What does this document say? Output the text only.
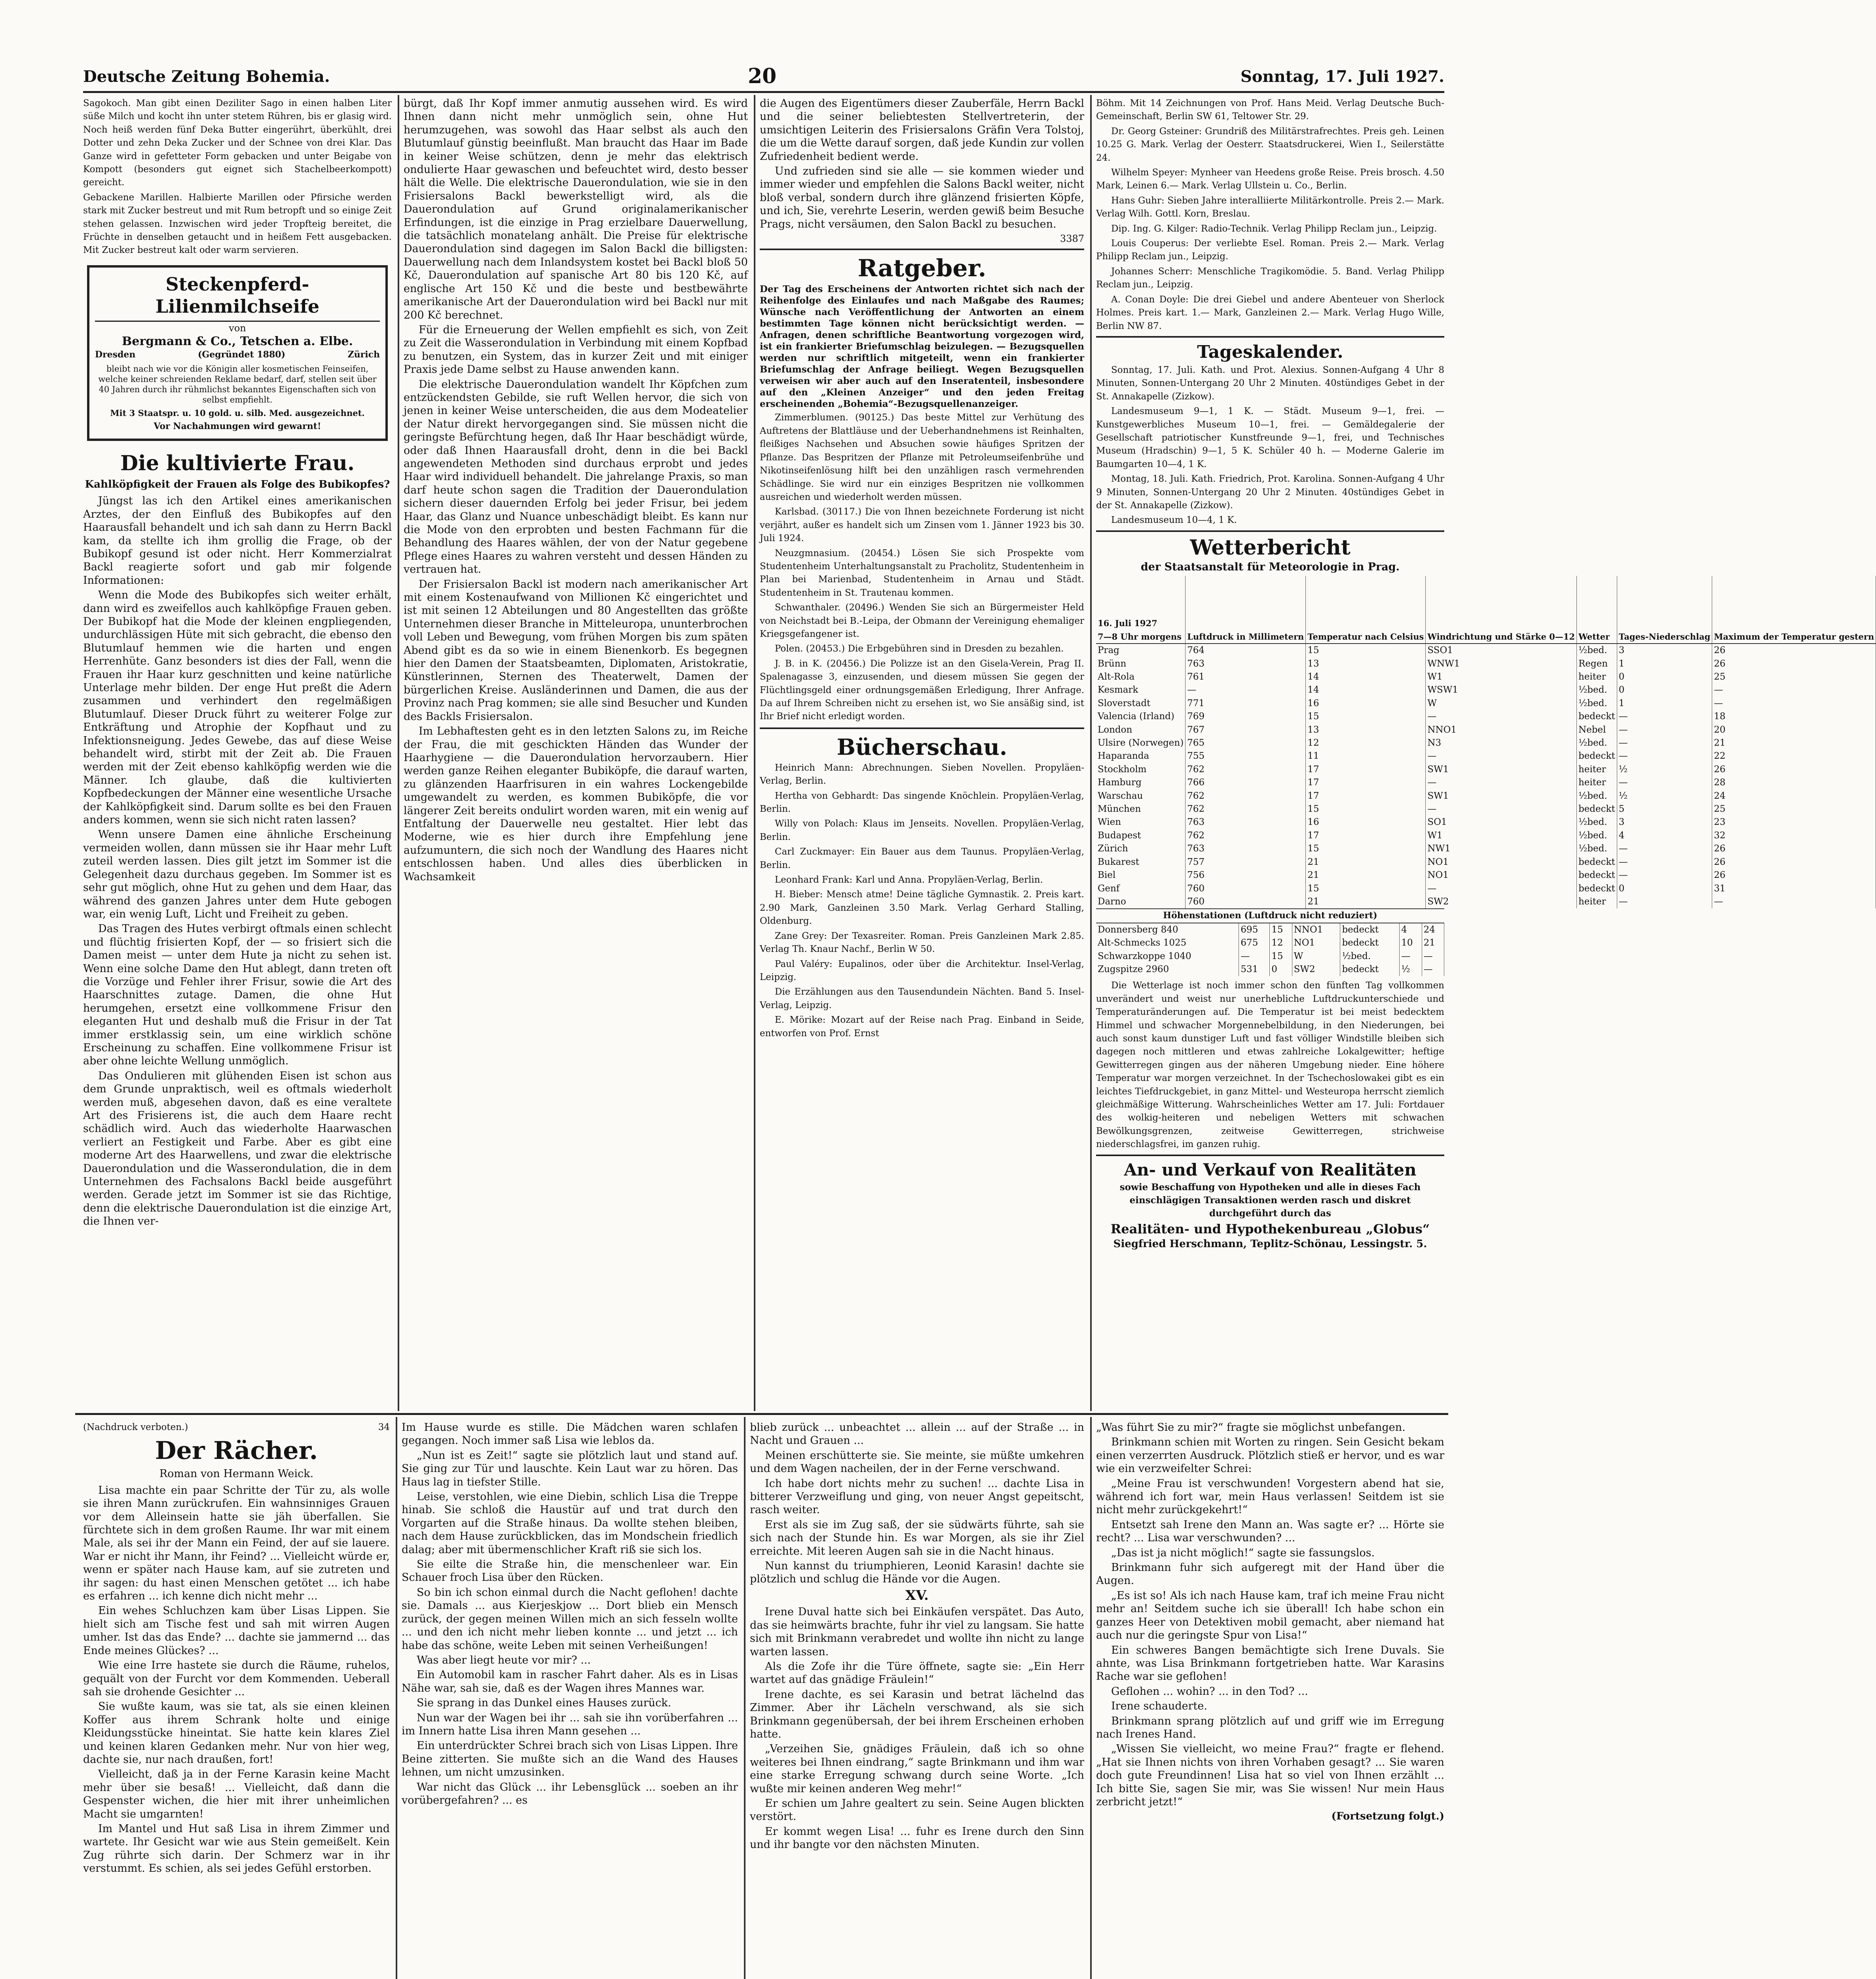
Deutsche Zeitung Bohemia.	20	Sonntag, 17. Juli 1927.

Sagokoch. Man gibt einen Deziliter Sago in einen halben Liter süße Milch und kocht ihn unter stetem Rühren, bis er glasig wird. Noch heiß werden fünf Deka Butter eingerührt, überkühlt, drei Dotter und zehn Deka Zucker und der Schnee von drei Klar. Das Ganze wird in gefetteter Form gebacken und unter Beigabe von Kompott (besonders gut eignet sich Stachelbeerkompott) gereicht.

Gebackene Marillen. Halbierte Marillen oder Pfirsiche werden stark mit Zucker bestreut und mit Rum betropft und so einige Zeit stehen gelassen. Inzwischen wird jeder Tropfteig bereitet, die Früchte in denselben getaucht und in heißem Fett ausgebacken. Mit Zucker bestreut kalt oder warm servieren.

Steckenpferd-Lilienmilchseife
von
Bergmann & Co., Tetschen a. Elbe.
Dresden	(Gegründet 1880)	Zürich
bleibt nach wie vor die Königin aller kosmetischen Feinseifen, welche keiner schreienden Reklame bedarf, darf, stellen seit über 40 Jahren durch ihr rühmlichst bekanntes Eigenschaften sich von selbst empfiehlt.
Mit 3 Staatspr. u. 10 gold. u. silb. Med. ausgezeichnet.
Vor Nachahmungen wird gewarnt!
Die kultivierte Frau.
Kahlköpfigkeit der Frauen als Folge des Bubikopfes?

Jüngst las ich den Artikel eines amerikanischen Arztes, der den Einfluß des Bubikopfes auf den Haarausfall behandelt und ich sah dann zu Herrn Backl kam, da stellte ich ihm grollig die Frage, ob der Bubikopf gesund ist oder nicht. Herr Kommerzialrat Backl reagierte sofort und gab mir folgende Informationen:

Wenn die Mode des Bubikopfes sich weiter erhält, dann wird es zweifellos auch kahlköpfige Frauen geben. Der Bubikopf hat die Mode der kleinen engpliegenden, undurchlässigen Hüte mit sich gebracht, die ebenso den Blutumlauf hemmen wie die harten und engen Herrenhüte. Ganz besonders ist dies der Fall, wenn die Frauen ihr Haar kurz geschnitten und keine natürliche Unterlage mehr bilden. Der enge Hut preßt die Adern zusammen und verhindert den regelmäßigen Blutumlauf. Dieser Druck führt zu weiterer Folge zur Entkräftung und Atrophie der Kopfhaut und zu Infektionsneigung. Jedes Gewebe, das auf diese Weise behandelt wird, stirbt mit der Zeit ab. Die Frauen werden mit der Zeit ebenso kahlköpfig werden wie die Männer. Ich glaube, daß die kultivierten Kopfbedeckungen der Männer eine wesentliche Ursache der Kahlköpfigkeit sind. Darum sollte es bei den Frauen anders kommen, wenn sie sich nicht raten lassen?

Wenn unsere Damen eine ähnliche Erscheinung vermeiden wollen, dann müssen sie ihr Haar mehr Luft zuteil werden lassen. Dies gilt jetzt im Sommer ist die Gelegenheit dazu durchaus gegeben. Im Sommer ist es sehr gut möglich, ohne Hut zu gehen und dem Haar, das während des ganzen Jahres unter dem Hute gebogen war, ein wenig Luft, Licht und Freiheit zu geben.

Das Tragen des Hutes verbirgt oftmals einen schlecht und flüchtig frisierten Kopf, der — so frisiert sich die Damen meist — unter dem Hute ja nicht zu sehen ist. Wenn eine solche Dame den Hut ablegt, dann treten oft die Vorzüge und Fehler ihrer Frisur, sowie die Art des Haarschnittes zutage. Damen, die ohne Hut herumgehen, ersetzt eine vollkommene Frisur den eleganten Hut und deshalb muß die Frisur in der Tat immer erstklassig sein, um eine wirklich schöne Erscheinung zu schaffen. Eine vollkommene Frisur ist aber ohne leichte Wellung unmöglich.

Das Ondulieren mit glühenden Eisen ist schon aus dem Grunde unpraktisch, weil es oftmals wiederholt werden muß, abgesehen davon, daß es eine veraltete Art des Frisierens ist, die auch dem Haare recht schädlich wird. Auch das wiederholte Haarwaschen verliert an Festigkeit und Farbe. Aber es gibt eine moderne Art des Haarwellens, und zwar die elektrische Dauerondulation und die Wasserondulation, die in dem Unternehmen des Fachsalons Backl beide ausgeführt werden. Gerade jetzt im Sommer ist sie das Richtige, denn die elektrische Dauerondulation ist die einzige Art, die Ihnen ver-

bürgt, daß Ihr Kopf immer anmutig aussehen wird. Es wird Ihnen dann nicht mehr unmöglich sein, ohne Hut herumzugehen, was sowohl das Haar selbst als auch den Blutumlauf günstig beeinflußt. Man braucht das Haar im Bade in keiner Weise schützen, denn je mehr das elektrisch ondulierte Haar gewaschen und befeuchtet wird, desto besser hält die Welle. Die elektrische Dauerondulation, wie sie in den Frisiersalons Backl bewerkstelligt wird, als die Dauerondulation auf Grund originalamerikanischer Erfindungen, ist die einzige in Prag erzielbare Dauerwellung, die tatsächlich monatelang anhält. Die Preise für elektrische Dauerondulation sind dagegen im Salon Backl die billigsten: Dauerwellung nach dem Inlandsystem kostet bei Backl bloß 50 Kč, Dauerondulation auf spanische Art 80 bis 120 Kč, auf englische Art 150 Kč und die beste und bestbewährte amerikanische Art der Dauerondulation wird bei Backl nur mit 200 Kč berechnet.

Für die Erneuerung der Wellen empfiehlt es sich, von Zeit zu Zeit die Wasserondulation in Verbindung mit einem Kopfbad zu benutzen, ein System, das in kurzer Zeit und mit einiger Praxis jede Dame selbst zu Hause anwenden kann.

Die elektrische Dauerondulation wandelt Ihr Köpfchen zum entzückendsten Gebilde, sie ruft Wellen hervor, die sich von jenen in keiner Weise unterscheiden, die aus dem Modeatelier der Natur direkt hervorgegangen sind. Sie müssen nicht die geringste Befürchtung hegen, daß Ihr Haar beschädigt würde, oder daß Ihnen Haarausfall droht, denn in die bei Backl angewendeten Methoden sind durchaus erprobt und jedes Haar wird individuell behandelt. Die jahrelange Praxis, so man darf heute schon sagen die Tradition der Dauerondulation sichern dieser dauernden Erfolg bei jeder Frisur, bei jedem Haar, das Glanz und Nuance unbeschädigt bleibt. Es kann nur die Mode von den erprobten und besten Fachmann für die Behandlung des Haares wählen, der von der Natur gegebene Pflege eines Haares zu wahren versteht und dessen Händen zu vertrauen hat.

Der Frisiersalon Backl ist modern nach amerikanischer Art mit einem Kostenaufwand von Millionen Kč eingerichtet und ist mit seinen 12 Abteilungen und 80 Angestellten das größte Unternehmen dieser Branche in Mitteleuropa, ununterbrochen voll Leben und Bewegung, vom frühen Morgen bis zum späten Abend gibt es da so wie in einem Bienenkorb. Es begegnen hier den Damen der Staatsbeamten, Diplomaten, Aristokratie, Künstlerinnen, Sternen des Theaterwelt, Damen der bürgerlichen Kreise. Ausländerinnen und Damen, die aus der Provinz nach Prag kommen; sie alle sind Besucher und Kunden des Backls Frisiersalon.

Im Lebhaftesten geht es in den letzten Salons zu, im Reiche der Frau, die mit geschickten Händen das Wunder der Haarhygiene — die Dauerondulation hervorzaubern. Hier werden ganze Reihen eleganter Bubiköpfe, die darauf warten, zu glänzenden Haarfrisuren in ein wahres Lockengebilde umgewandelt zu werden, es kommen Bubiköpfe, die vor längerer Zeit bereits ondulirt worden waren, mit ein wenig auf Entfaltung der Dauerwelle neu gestaltet. Hier lebt das Moderne, wie es hier durch ihre Empfehlung jene aufzumuntern, die sich noch der Wandlung des Haares nicht entschlossen haben. Und alles dies überblicken in Wachsamkeit

die Augen des Eigentümers dieser Zauberfäle, Herrn Backl und die seiner beliebtesten Stellvertreterin, der umsichtigen Leiterin des Frisiersalons Gräfin Vera Tolstoj, die um die Wette darauf sorgen, daß jede Kundin zur vollen Zufriedenheit bedient werde.

Und zufrieden sind sie alle — sie kommen wieder und immer wieder und empfehlen die Salons Backl weiter, nicht bloß verbal, sondern durch ihre glänzend frisierten Köpfe, und ich, Sie, verehrte Leserin, werden gewiß beim Besuche Prags, nicht versäumen, den Salon Backl zu besuchen.

3387
Ratgeber.

Der Tag des Erscheinens der Antworten richtet sich nach der Reihenfolge des Einlaufes und nach Maßgabe des Raumes; Wünsche nach Veröffentlichung der Antworten an einem bestimmten Tage können nicht berücksichtigt werden. — Anfragen, denen schriftliche Beantwortung vorgezogen wird, ist ein frankierter Briefumschlag beizulegen. — Bezugsquellen werden nur schriftlich mitgeteilt, wenn ein frankierter Briefumschlag der Anfrage beiliegt. Wegen Bezugsquellen verweisen wir aber auch auf den Inseratenteil, insbesondere auf den „Kleinen Anzeiger“ und den jeden Freitag erscheinenden „Bohemia“-Bezugsquellenanzeiger.

Zimmerblumen. (90125.) Das beste Mittel zur Verhütung des Auftretens der Blattläuse und der Ueberhandnehmens ist Reinhalten, fleißiges Nachsehen und Absuchen sowie häufiges Spritzen der Pflanze. Das Bespritzen der Pflanze mit Petroleumseifenbrühe und Nikotinseifenlösung hilft bei den unzähligen rasch vermehrenden Schädlinge. Sie wird nur ein einziges Bespritzen nie vollkommen ausreichen und wiederholt werden müssen.

Karlsbad. (30117.) Die von Ihnen bezeichnete Forderung ist nicht verjährt, außer es handelt sich um Zinsen vom 1. Jänner 1923 bis 30. Juli 1924.

Neuzgmnasium. (20454.) Lösen Sie sich Prospekte vom Studentenheim Unterhaltungsanstalt zu Pracholitz, Studentenheim in Plan bei Marienbad, Studentenheim in Arnau und Städt. Studentenheim in St. Trautenau kommen.

Schwanthaler. (20496.) Wenden Sie sich an Bürgermeister Held von Neichstadt bei B.-Leipa, der Obmann der Vereinigung ehemaliger Kriegsgefangener ist.

Polen. (20453.) Die Erbgebühren sind in Dresden zu bezahlen.

J. B. in K. (20456.) Die Polizze ist an den Gisela-Verein, Prag II. Spalenagasse 3, einzusenden, und diesem müssen Sie gegen der Flüchtlingsgeld einer ordnungsgemäßen Erledigung, Ihrer Anfrage. Da auf Ihrem Schreiben nicht zu ersehen ist, wo Sie ansäßig sind, ist Ihr Brief nicht erledigt worden.

Bücherschau.

Heinrich Mann: Abrechnungen. Sieben Novellen. Propyläen-Verlag, Berlin.

Hertha von Gebhardt: Das singende Knöchlein. Propyläen-Verlag, Berlin.

Willy von Polach: Klaus im Jenseits. Novellen. Propyläen-Verlag, Berlin.

Carl Zuckmayer: Ein Bauer aus dem Taunus. Propyläen-Verlag, Berlin.

Leonhard Frank: Karl und Anna. Propyläen-Verlag, Berlin.

H. Bieber: Mensch atme! Deine tägliche Gymnastik. 2. Preis kart. 2.90 Mark, Ganzleinen 3.50 Mark. Verlag Gerhard Stalling, Oldenburg.

Zane Grey: Der Texasreiter. Roman. Preis Ganzleinen Mark 2.85. Verlag Th. Knaur Nachf., Berlin W 50.

Paul Valéry: Eupalinos, oder über die Architektur. Insel-Verlag, Leipzig.

Die Erzählungen aus den Tausendundein Nächten. Band 5. Insel-Verlag, Leipzig.

E. Mörike: Mozart auf der Reise nach Prag. Einband in Seide, entworfen von Prof. Ernst

Böhm. Mit 14 Zeichnungen von Prof. Hans Meid. Verlag Deutsche Buch-Gemeinschaft, Berlin SW 61, Teltower Str. 29.

Dr. Georg Gsteiner: Grundriß des Militärstrafrechtes. Preis geh. Leinen 10.25 G. Mark. Verlag der Oesterr. Staatsdruckerei, Wien I., Seilerstätte 24.

Wilhelm Speyer: Mynheer van Heedens große Reise. Preis brosch. 4.50 Mark, Leinen 6.— Mark. Verlag Ullstein u. Co., Berlin.

Hans Guhr: Sieben Jahre interalliierte Militärkontrolle. Preis 2.— Mark. Verlag Wilh. Gottl. Korn, Breslau.

Dip. Ing. G. Kilger: Radio-Technik. Verlag Philipp Reclam jun., Leipzig.

Louis Couperus: Der verliebte Esel. Roman. Preis 2.— Mark. Verlag Philipp Reclam jun., Leipzig.

Johannes Scherr: Menschliche Tragikomödie. 5. Band. Verlag Philipp Reclam jun., Leipzig.

A. Conan Doyle: Die drei Giebel und andere Abenteuer von Sherlock Holmes. Preis kart. 1.— Mark, Ganzleinen 2.— Mark. Verlag Hugo Wille, Berlin NW 87.

Tageskalender.

Sonntag, 17. Juli. Kath. und Prot. Alexius. Sonnen-Aufgang 4 Uhr 8 Minuten, Sonnen-Untergang 20 Uhr 2 Minuten. 40stündiges Gebet in der St. Annakapelle (Zizkow).

Landesmuseum 9—1, 1 K. — Städt. Museum 9—1, frei. — Kunstgewerbliches Museum 10—1, frei. — Gemäldegalerie der Gesellschaft patriotischer Kunstfreunde 9—1, frei, und Technisches Museum (Hradschin) 9—1, 5 K. Schüler 40 h. — Moderne Galerie im Baumgarten 10—4, 1 K.

Montag, 18. Juli. Kath. Friedrich, Prot. Karolina. Sonnen-Aufgang 4 Uhr 9 Minuten, Sonnen-Untergang 20 Uhr 2 Minuten. 40stündiges Gebet in der St. Annakapelle (Zizkow).

Landesmuseum 10—4, 1 K.

Wetterbericht
der Staatsanstalt für Meteorologie in Prag.
16. Juli 1927
7—8 Uhr morgens	Luftdruck in Millimetern	Temperatur nach Celsius	Windrichtung und Stärke 0—12	Wetter	Tages-Niederschlag	Maximum der Temperatur gestern
Prag	764	15	SSO1	½bed.	3	26
Brünn	763	13	WNW1	Regen	1	26
Alt-Rola	761	14	W1	heiter	0	25
Kesmark	—	14	WSW1	½bed.	0	—
Sloverstadt	771	16	W	½bed.	1	—
Valencia (Irland)	769	15	—	bedeckt	—	18
London	767	13	NNO1	Nebel	—	20
Ulsire (Norwegen)	765	12	N3	½bed.	—	21
Haparanda	755	11	—	bedeckt	—	22
Stockholm	762	17	SW1	heiter	½	26
Hamburg	766	17	—	heiter	—	28
Warschau	762	17	SW1	½bed.	½	24
München	762	15	—	bedeckt	5	25
Wien	763	16	SO1	½bed.	3	23
Budapest	762	17	W1	½bed.	4	32
Zürich	763	15	NW1	½bed.	—	26
Bukarest	757	21	NO1	bedeckt	—	26
Biel	756	21	NO1	bedeckt	—	26
Genf	760	15	—	bedeckt	0	31
Darno	760	21	SW2	heiter	—	—
Höhenstationen (Luftdruck nicht reduziert)
Donnersberg 840	695	15	NNO1	bedeckt	4	24
Alt-Schmecks 1025	675	12	NO1	bedeckt	10	21
Schwarzkoppe 1040	—	15	W	½bed.	—	—
Zugspitze 2960	531	0	SW2	bedeckt	½	—

Die Wetterlage ist noch immer schon den fünften Tag vollkommen unverändert und weist nur unerhebliche Luftdruckunterschiede und Temperaturänderungen auf. Die Temperatur ist bei meist bedecktem Himmel und schwacher Morgennebelbildung, in den Niederungen, bei auch sonst kaum dunstiger Luft und fast völliger Windstille bleiben sich dagegen noch mittleren und etwas zahlreiche Lokalgewitter; heftige Gewitterregen gingen aus der näheren Umgebung nieder. Eine höhere Temperatur war morgen verzeichnet. In der Tschechoslowakei gibt es ein leichtes Tiefdruckgebiet, in ganz Mittel- und Westeuropa herrscht ziemlich gleichmäßige Witterung. Wahrscheinliches Wetter am 17. Juli: Fortdauer des wolkig-heiteren und nebeligen Wetters mit schwachen Bewölkungsgrenzen, zeitweise Gewitterregen, strichweise niederschlagsfrei, im ganzen ruhig.

An- und Verkauf von Realitäten
sowie Beschaffung von Hypotheken und alle in dieses Fach einschlägigen Transaktionen werden rasch und diskret durchgeführt durch das
Realitäten- und Hypothekenbureau „Globus“
Siegfried Herschmann, Teplitz-Schönau, Lessingstr. 5.
(Nachdruck verboten.)	34
Der Rächer.
Roman von Hermann Weick.

Lisa machte ein paar Schritte der Tür zu, als wolle sie ihren Mann zurückrufen. Ein wahnsinniges Grauen vor dem Alleinsein hatte sie jäh überfallen. Sie fürchtete sich in dem großen Raume. Ihr war mit einem Male, als sei ihr der Mann ein Feind, der auf sie lauere. War er nicht ihr Mann, ihr Feind? ... Vielleicht würde er, wenn er später nach Hause kam, auf sie zutreten und ihr sagen: du hast einen Menschen getötet ... ich habe es erfahren ... ich kenne dich nicht mehr ...

Ein wehes Schluchzen kam über Lisas Lippen. Sie hielt sich am Tische fest und sah mit wirren Augen umher. Ist das das Ende? ... dachte sie jammernd ... das Ende meines Glückes? ...

Wie eine Irre hastete sie durch die Räume, ruhelos, gequält von der Furcht vor dem Kommenden. Ueberall sah sie drohende Gesichter ...

Sie wußte kaum, was sie tat, als sie einen kleinen Koffer aus ihrem Schrank holte und einige Kleidungsstücke hineintat. Sie hatte kein klares Ziel und keinen klaren Gedanken mehr. Nur von hier weg, dachte sie, nur nach draußen, fort!

Vielleicht, daß ja in der Ferne Karasin keine Macht mehr über sie besaß! ... Vielleicht, daß dann die Gespenster wichen, die hier mit ihrer unheimlichen Macht sie umgarnten!

Im Mantel und Hut saß Lisa in ihrem Zimmer und wartete. Ihr Gesicht war wie aus Stein gemeißelt. Kein Zug rührte sich darin. Der Schmerz war in ihr verstummt. Es schien, als sei jedes Gefühl erstorben.

Im Hause wurde es stille. Die Mädchen waren schlafen gegangen. Noch immer saß Lisa wie leblos da.

„Nun ist es Zeit!“ sagte sie plötzlich laut und stand auf. Sie ging zur Tür und lauschte. Kein Laut war zu hören. Das Haus lag in tiefster Stille.

Leise, verstohlen, wie eine Diebin, schlich Lisa die Treppe hinab. Sie schloß die Haustür auf und trat durch den Vorgarten auf die Straße hinaus. Da wollte stehen bleiben, nach dem Hause zurückblicken, das im Mondschein friedlich dalag; aber mit übermenschlicher Kraft riß sie sich los.

Sie eilte die Straße hin, die menschenleer war. Ein Schauer froch Lisa über den Rücken.

So bin ich schon einmal durch die Nacht geflohen! dachte sie. Damals ... aus Kierjeskjow ... Dort blieb ein Mensch zurück, der gegen meinen Willen mich an sich fesseln wollte ... und den ich nicht mehr lieben konnte ... und jetzt ... ich habe das schöne, weite Leben mit seinen Verheißungen!

Was aber liegt heute vor mir? ...

Ein Automobil kam in rascher Fahrt daher. Als es in Lisas Nähe war, sah sie, daß es der Wagen ihres Mannes war.

Sie sprang in das Dunkel eines Hauses zurück.

Nun war der Wagen bei ihr ... sah sie ihn vorüberfahren ... im Innern hatte Lisa ihren Mann gesehen ...

Ein unterdrückter Schrei brach sich von Lisas Lippen. Ihre Beine zitterten. Sie mußte sich an die Wand des Hauses lehnen, um nicht umzusinken.

War nicht das Glück ... ihr Lebensglück ... soeben an ihr vorübergefahren? ... es

blieb zurück ... unbeachtet ... allein ... auf der Straße ... in Nacht und Grauen ...

Meinen erschütterte sie. Sie meinte, sie müßte umkehren und dem Wagen nacheilen, der in der Ferne verschwand.

Ich habe dort nichts mehr zu suchen! ... dachte Lisa in bitterer Verzweiflung und ging, von neuer Angst gepeitscht, rasch weiter.

Erst als sie im Zug saß, der sie südwärts führte, sah sie sich nach der Stunde hin. Es war Morgen, als sie ihr Ziel erreichte. Mit leeren Augen sah sie in die Nacht hinaus.

Nun kannst du triumphieren, Leonid Karasin! dachte sie plötzlich und schlug die Hände vor die Augen.

XV.

Irene Duval hatte sich bei Einkäufen verspätet. Das Auto, das sie heimwärts brachte, fuhr ihr viel zu langsam. Sie hatte sich mit Brinkmann verabredet und wollte ihn nicht zu lange warten lassen.

Als die Zofe ihr die Türe öffnete, sagte sie: „Ein Herr wartet auf das gnädige Fräulein!“

Irene dachte, es sei Karasin und betrat lächelnd das Zimmer. Aber ihr Lächeln verschwand, als sie sich Brinkmann gegenübersah, der bei ihrem Erscheinen erhoben hatte.

„Verzeihen Sie, gnädiges Fräulein, daß ich so ohne weiteres bei Ihnen eindrang,“ sagte Brinkmann und ihm war eine starke Erregung schwang durch seine Worte. „Ich wußte mir keinen anderen Weg mehr!“

Er schien um Jahre gealtert zu sein. Seine Augen blickten verstört.

Er kommt wegen Lisa! ... fuhr es Irene durch den Sinn und ihr bangte vor den nächsten Minuten.

„Was führt Sie zu mir?“ fragte sie möglichst unbefangen.

Brinkmann schien mit Worten zu ringen. Sein Gesicht bekam einen verzerrten Ausdruck. Plötzlich stieß er hervor, und es war wie ein verzweifelter Schrei:

„Meine Frau ist verschwunden! Vorgestern abend hat sie, während ich fort war, mein Haus verlassen! Seitdem ist sie nicht mehr zurückgekehrt!“

Entsetzt sah Irene den Mann an. Was sagte er? ... Hörte sie recht? ... Lisa war verschwunden? ...

„Das ist ja nicht möglich!“ sagte sie fassungslos.

Brinkmann fuhr sich aufgeregt mit der Hand über die Augen.

„Es ist so! Als ich nach Hause kam, traf ich meine Frau nicht mehr an! Seitdem suche ich sie überall! Ich habe schon ein ganzes Heer von Detektiven mobil gemacht, aber niemand hat auch nur die geringste Spur von Lisa!“

Ein schweres Bangen bemächtigte sich Irene Duvals. Sie ahnte, was Lisa Brinkmann fortgetrieben hatte. War Karasins Rache war sie geflohen!

Geflohen ... wohin? ... in den Tod? ...

Irene schauderte.

Brinkmann sprang plötzlich auf und griff wie im Erregung nach Irenes Hand.

„Wissen Sie vielleicht, wo meine Frau?“ fragte er flehend. „Hat sie Ihnen nichts von ihren Vorhaben gesagt? ... Sie waren doch gute Freundinnen! Lisa hat so viel von Ihnen erzählt ... Ich bitte Sie, sagen Sie mir, was Sie wissen! Nur mein Haus zerbricht jetzt!“

(Fortsetzung folgt.)
